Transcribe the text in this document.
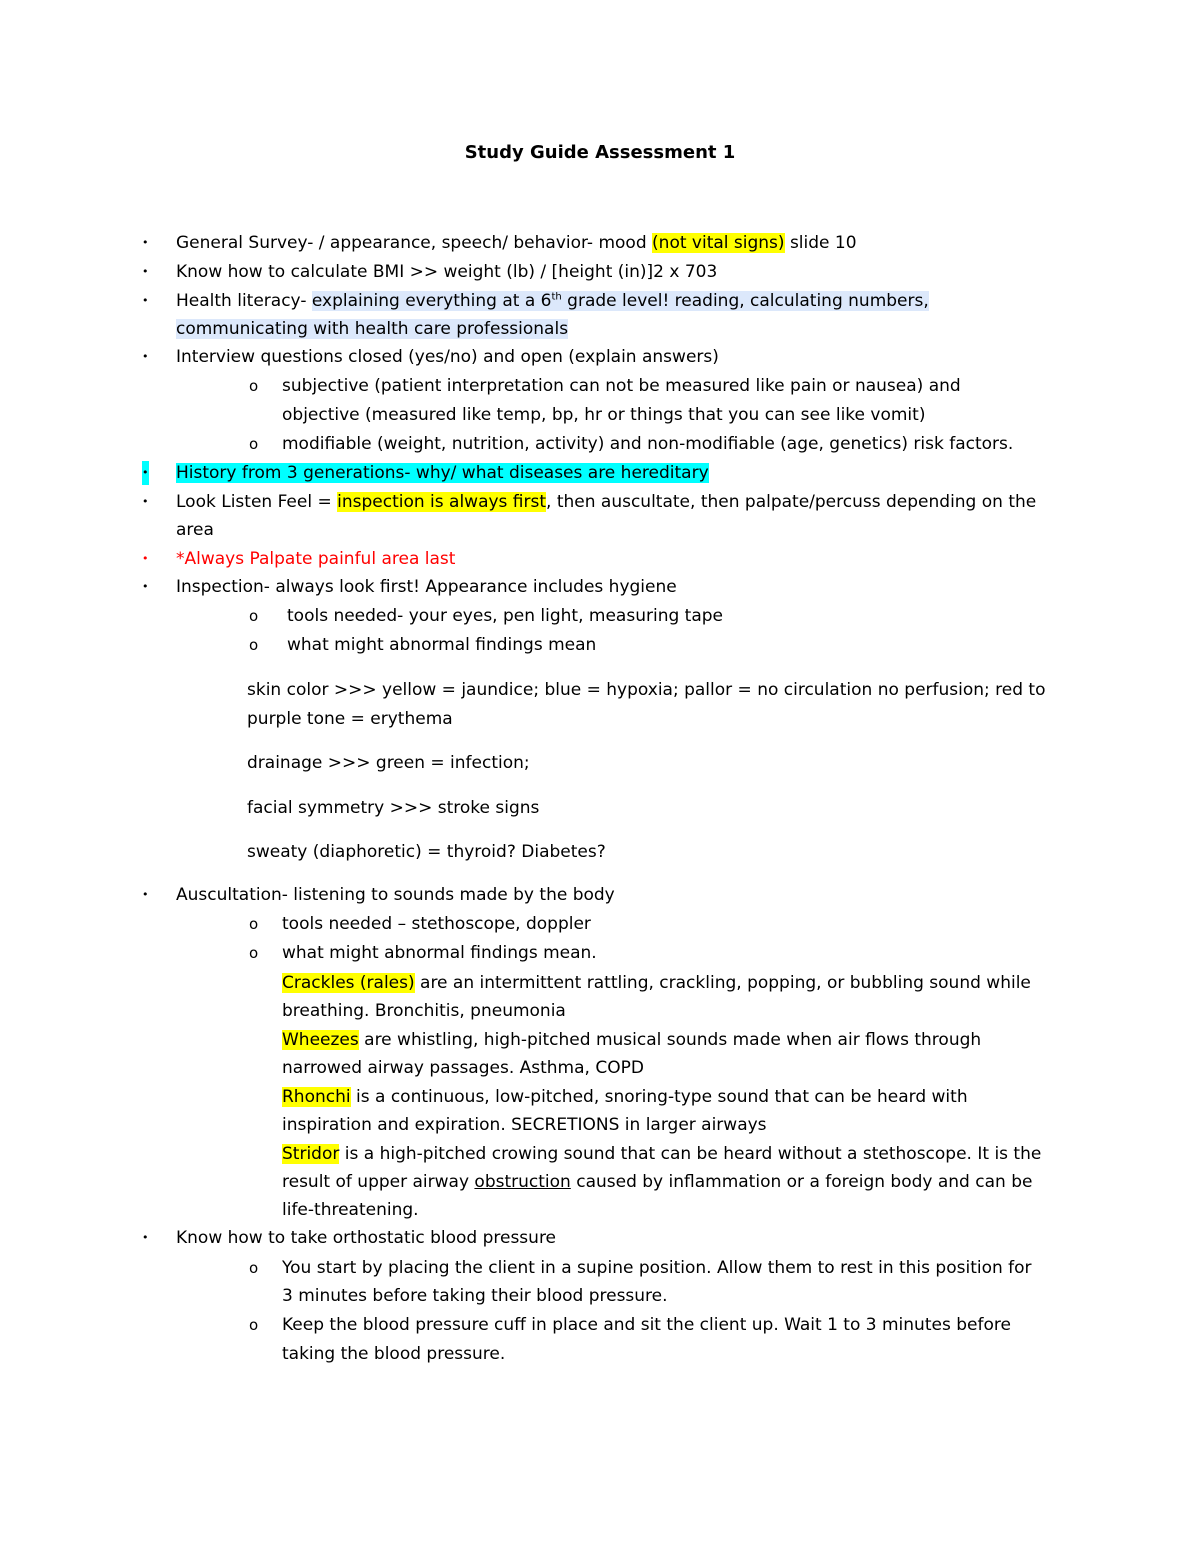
Study Guide Assessment 1
• General Survey- / appearance, speech/ behavior- mood (not vital signs) slide 10
• Know how to calculate BMI >> weight (lb) / [height (in)]2 x 703
• Health literacy- explaining everything at a 6th grade level! reading, calculating numbers,
communicating with health care professionals
• Interview questions closed (yes/no) and open (explain answers)
o subjective (patient interpretation can not be measured like pain or nausea) and
objective (measured like temp, bp, hr or things that you can see like vomit)
o modifiable (weight, nutrition, activity) and non-modifiable (age, genetics) risk factors.
• History from 3 generations- why/ what diseases are hereditary
• Look Listen Feel = inspection is always first, then auscultate, then palpate/percuss depending on the
area
• *Always Palpate painful area last
• Inspection- always look first! Appearance includes hygiene
o tools needed- your eyes, pen light, measuring tape
o what might abnormal findings mean
skin color >>> yellow = jaundice; blue = hypoxia; pallor = no circulation no perfusion; red to
purple tone = erythema
drainage >>> green = infection;
facial symmetry >>> stroke signs
sweaty (diaphoretic) = thyroid? Diabetes?
• Auscultation- listening to sounds made by the body
o tools needed – stethoscope, doppler
o what might abnormal findings mean.
Crackles (rales) are an intermittent rattling, crackling, popping, or bubbling sound while
breathing. Bronchitis, pneumonia
Wheezes are whistling, high-pitched musical sounds made when air flows through
narrowed airway passages. Asthma, COPD
Rhonchi is a continuous, low-pitched, snoring-type sound that can be heard with
inspiration and expiration. SECRETIONS in larger airways
Stridor is a high-pitched crowing sound that can be heard without a stethoscope. It is the
result of upper airway obstruction caused by inflammation or a foreign body and can be
life-threatening.
• Know how to take orthostatic blood pressure
o You start by placing the client in a supine position. Allow them to rest in this position for
3 minutes before taking their blood pressure.
o Keep the blood pressure cuff in place and sit the client up. Wait 1 to 3 minutes before
taking the blood pressure.
